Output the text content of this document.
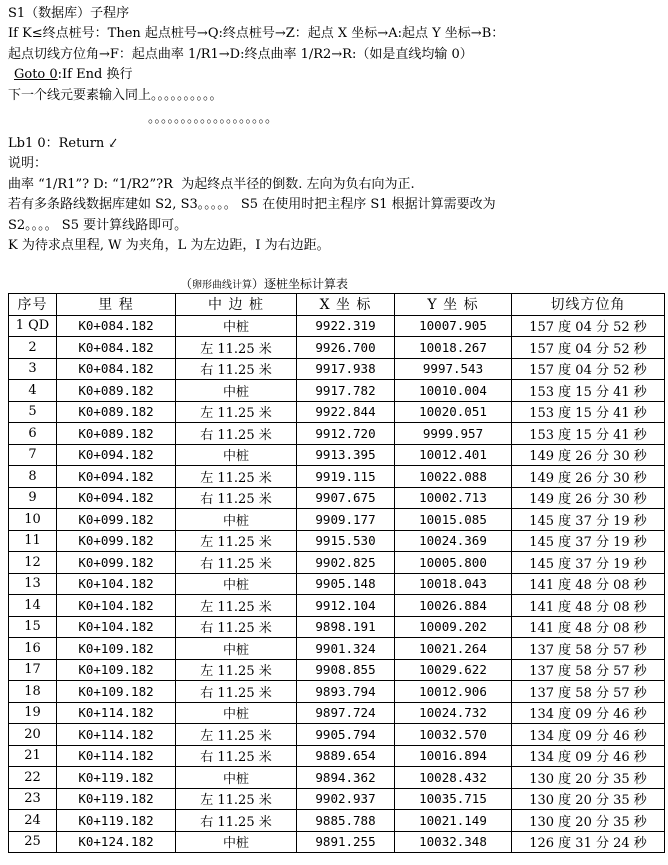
S1（数据库）子程序
If K≤终点桩号：Then 起点桩号→Q:终点桩号→Z：起点 X 坐标→A:起点 Y 坐标→B：
起点切线方位角→F：起点曲率 1/R1→D:终点曲率 1/R2→R:（如是直线均输 0）
Goto 0:If End 换行
下一个线元要素输入同上。。。。。。。。。。
。。。。。。。。。。。。。。。。。。。
Lb1 0：Return ↙
说明：
曲率 “1/R1”? D: “1/R2”?R  为起终点半径的倒数. 左向为负右向为正.
若有多条路线数据库建如 S2, S3。。。。。 S5 在使用时把主程序 S1 根据计算需要改为
S2。。。。 S5 要计算线路即可。
K 为待求点里程, W 为夹角，L 为左边距，I 为右边距。
（卵形曲线计算）逐桩坐标计算表
序号	里 程	中 边 桩	X 坐 标	Y 坐 标	切线方位角
1 QD	K0+084.182	中桩	9922.319	10007.905	157 度 04 分 52 秒
2	K0+084.182	左 11.25 米	9926.700	10018.267	157 度 04 分 52 秒
3	K0+084.182	右 11.25 米	9917.938	9997.543	157 度 04 分 52 秒
4	K0+089.182	中桩	9917.782	10010.004	153 度 15 分 41 秒
5	K0+089.182	左 11.25 米	9922.844	10020.051	153 度 15 分 41 秒
6	K0+089.182	右 11.25 米	9912.720	9999.957	153 度 15 分 41 秒
7	K0+094.182	中桩	9913.395	10012.401	149 度 26 分 30 秒
8	K0+094.182	左 11.25 米	9919.115	10022.088	149 度 26 分 30 秒
9	K0+094.182	右 11.25 米	9907.675	10002.713	149 度 26 分 30 秒
10	K0+099.182	中桩	9909.177	10015.085	145 度 37 分 19 秒
11	K0+099.182	左 11.25 米	9915.530	10024.369	145 度 37 分 19 秒
12	K0+099.182	右 11.25 米	9902.825	10005.800	145 度 37 分 19 秒
13	K0+104.182	中桩	9905.148	10018.043	141 度 48 分 08 秒
14	K0+104.182	左 11.25 米	9912.104	10026.884	141 度 48 分 08 秒
15	K0+104.182	右 11.25 米	9898.191	10009.202	141 度 48 分 08 秒
16	K0+109.182	中桩	9901.324	10021.264	137 度 58 分 57 秒
17	K0+109.182	左 11.25 米	9908.855	10029.622	137 度 58 分 57 秒
18	K0+109.182	右 11.25 米	9893.794	10012.906	137 度 58 分 57 秒
19	K0+114.182	中桩	9897.724	10024.732	134 度 09 分 46 秒
20	K0+114.182	左 11.25 米	9905.794	10032.570	134 度 09 分 46 秒
21	K0+114.182	右 11.25 米	9889.654	10016.894	134 度 09 分 46 秒
22	K0+119.182	中桩	9894.362	10028.432	130 度 20 分 35 秒
23	K0+119.182	左 11.25 米	9902.937	10035.715	130 度 20 分 35 秒
24	K0+119.182	右 11.25 米	9885.788	10021.149	130 度 20 分 35 秒
25	K0+124.182	中桩	9891.255	10032.348	126 度 31 分 24 秒
